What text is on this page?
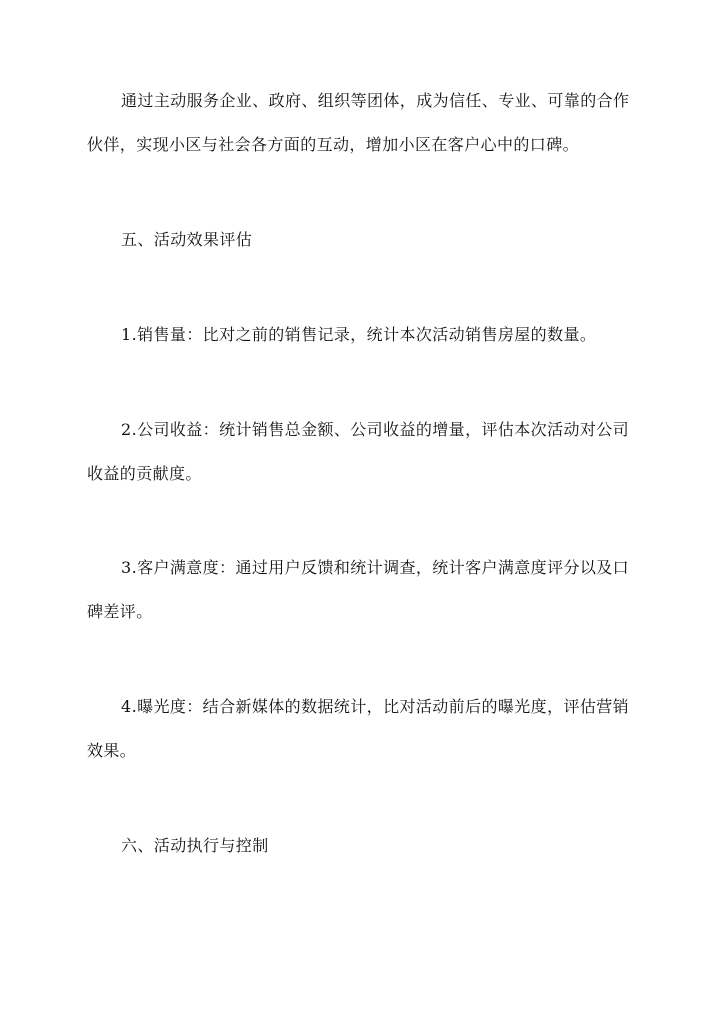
通过主动服务企业、政府、组织等团体，成为信任、专业、可靠的合作伙伴，实现小区与社会各方面的互动，增加小区在客户心中的口碑。

五、活动效果评估

1.销售量：比对之前的销售记录，统计本次活动销售房屋的数量。

2.公司收益：统计销售总金额、公司收益的增量，评估本次活动对公司收益的贡献度。

3.客户满意度：通过用户反馈和统计调查，统计客户满意度评分以及口碑差评。

4.曝光度：结合新媒体的数据统计，比对活动前后的曝光度，评估营销效果。

六、活动执行与控制
